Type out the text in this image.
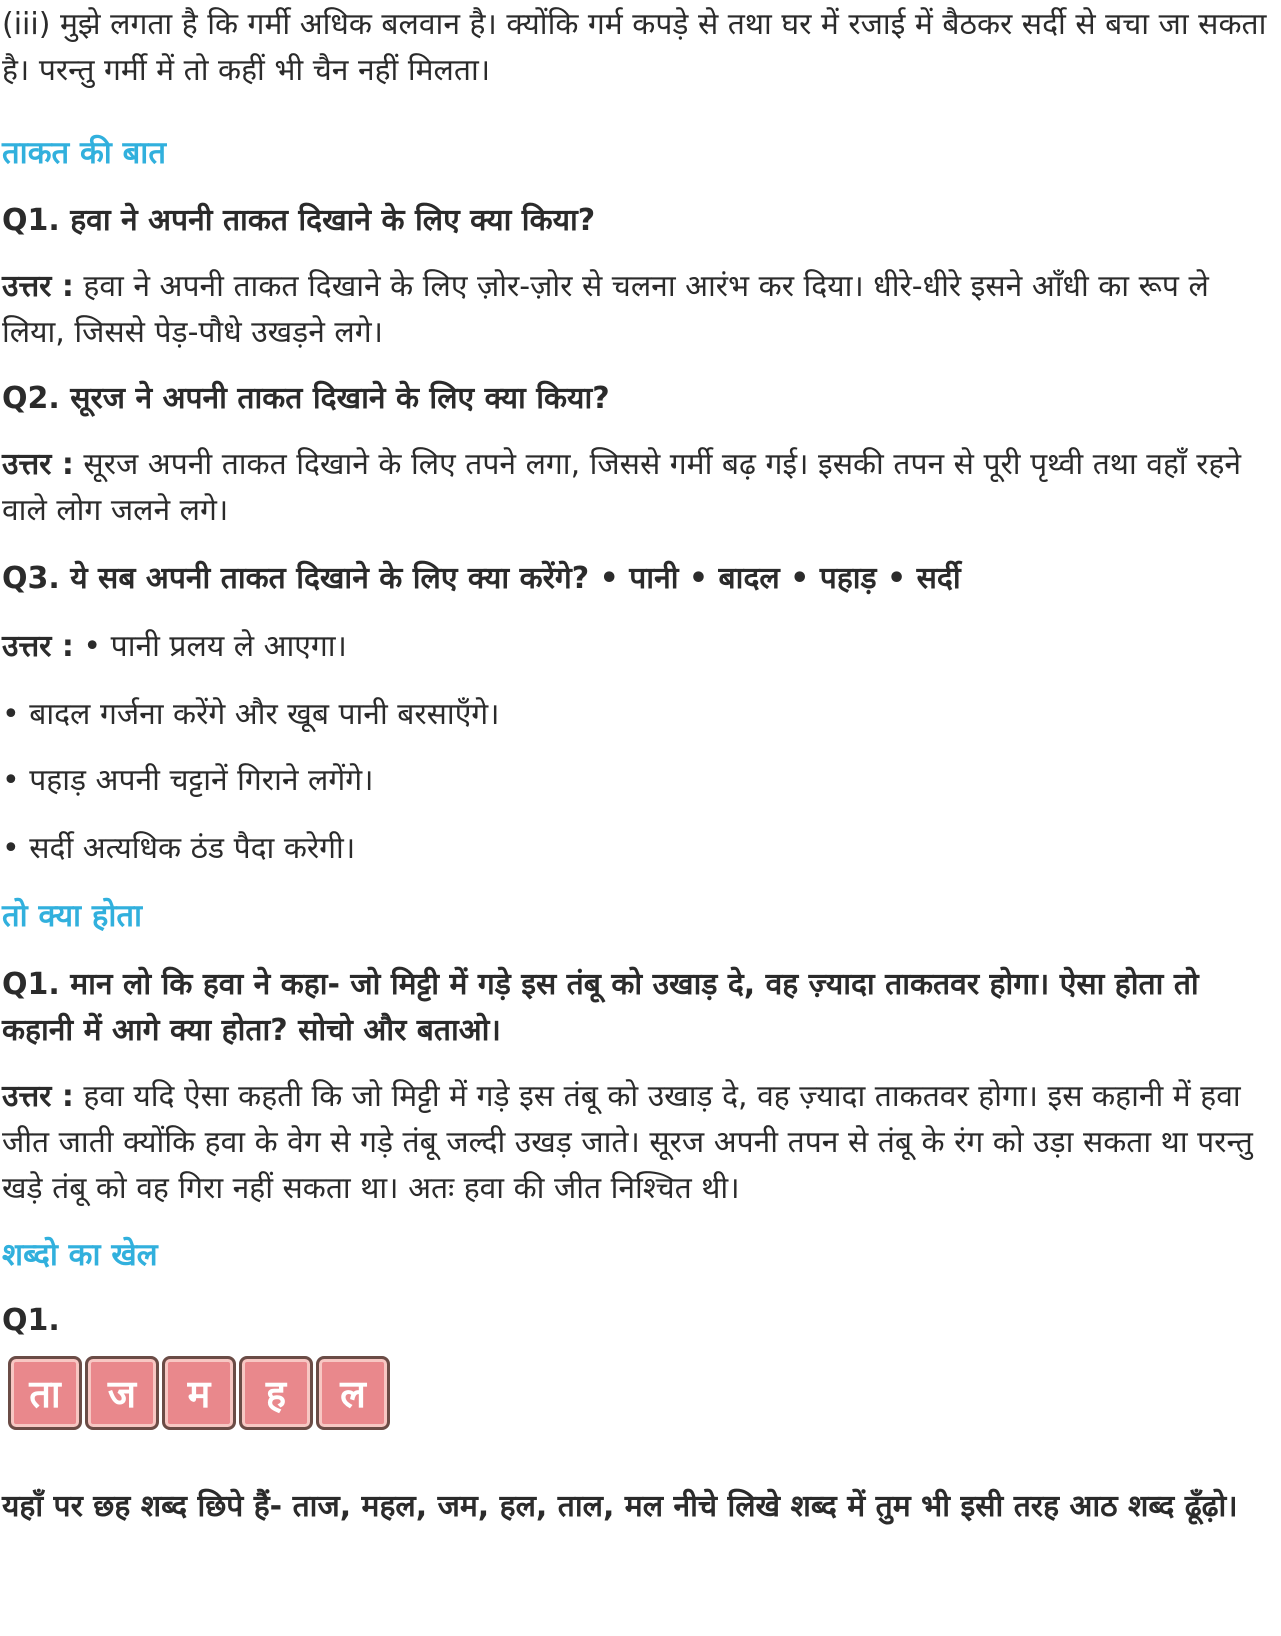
(iii) मुझे लगता है कि गर्मी अधिक बलवान है। क्योंकि गर्म कपड़े से तथा घर में रजाई में बैठकर सर्दी से बचा जा सकता है। परन्तु गर्मी में तो कहीं भी चैन नहीं मिलता।

ताकत की बात

Q1. हवा ने अपनी ताकत दिखाने के लिए क्या किया?

उत्तर : हवा ने अपनी ताकत दिखाने के लिए ज़ोर-ज़ोर से चलना आरंभ कर दिया। धीरे-धीरे इसने आँधी का रूप ले लिया, जिससे पेड़-पौधे उखड़ने लगे।

Q2. सूरज ने अपनी ताकत दिखाने के लिए क्या किया?

उत्तर : सूरज अपनी ताकत दिखाने के लिए तपने लगा, जिससे गर्मी बढ़ गई। इसकी तपन से पूरी पृथ्वी तथा वहाँ रहने वाले लोग जलने लगे।

Q3. ये सब अपनी ताकत दिखाने के लिए क्या करेंगे? • पानी • बादल • पहाड़ • सर्दी

उत्तर : • पानी प्रलय ले आएगा।

• बादल गर्जना करेंगे और खूब पानी बरसाएँगे।

• पहाड़ अपनी चट्टानें गिराने लगेंगे।

• सर्दी अत्यधिक ठंड पैदा करेगी।

तो क्या होता

Q1. मान लो कि हवा ने कहा- जो मिट्टी में गड़े इस तंबू को उखाड़ दे, वह ज़्यादा ताकतवर होगा। ऐसा होता तो कहानी में आगे क्या होता? सोचो और बताओ।

उत्तर : हवा यदि ऐसा कहती कि जो मिट्टी में गड़े इस तंबू को उखाड़ दे, वह ज़्यादा ताकतवर होगा। इस कहानी में हवा जीत जाती क्योंकि हवा के वेग से गड़े तंबू जल्दी उखड़ जाते। सूरज अपनी तपन से तंबू के रंग को उड़ा सकता था परन्तु खड़े तंबू को वह गिरा नहीं सकता था। अतः हवा की जीत निश्चित थी।

शब्दो का खेल

Q1.

ता	ज	म	ह	ल

यहाँ पर छह शब्द छिपे हैं- ताज, महल, जम, हल, ताल, मल नीचे लिखे शब्द में तुम भी इसी तरह आठ शब्द ढूँढ़ो।
